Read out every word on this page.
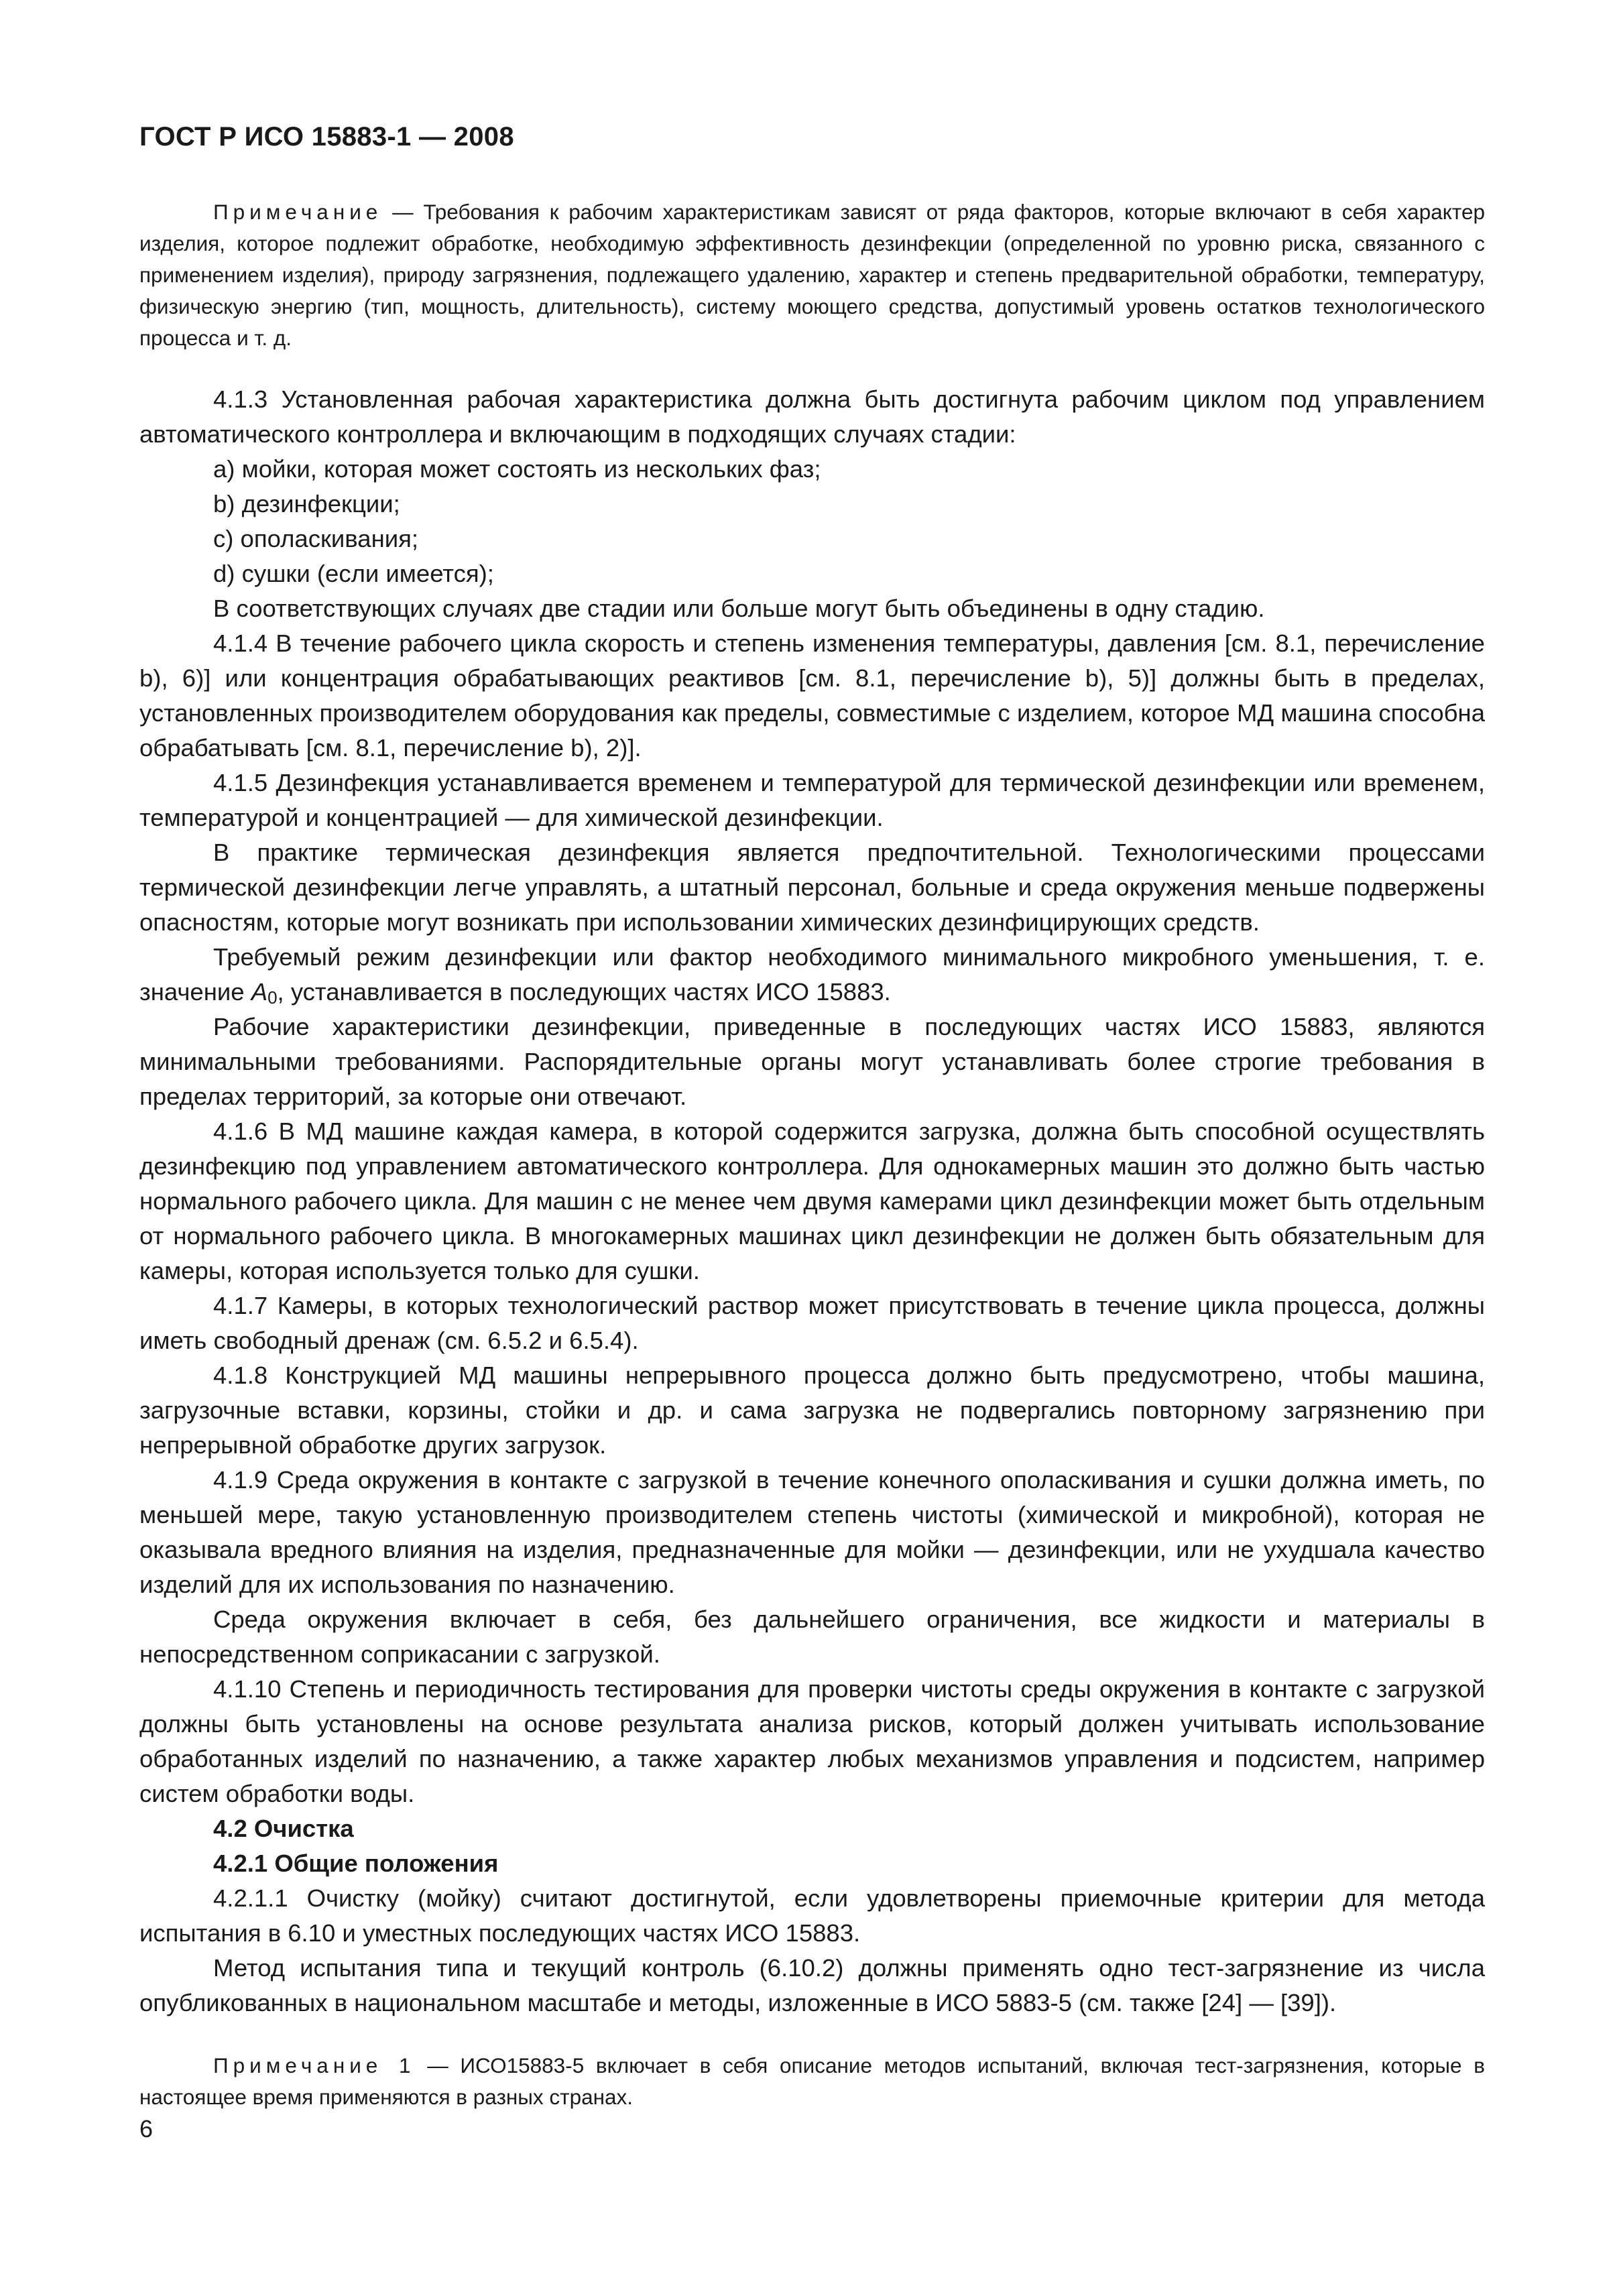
ГОСТ Р ИСО 15883-1 — 2008

Примечание — Требования к рабочим характеристикам зависят от ряда факторов, которые включают в себя характер изделия, которое подлежит обработке, необходимую эффективность дезинфекции (определенной по уровню риска, связанного с применением изделия), природу загрязнения, подлежащего удалению, характер и степень предварительной обработки, температуру, физическую энергию (тип, мощность, длительность), систему моющего средства, допустимый уровень остатков технологического процесса и т. д.

4.1.3 Установленная рабочая характеристика должна быть достигнута рабочим циклом под управлением автоматического контроллера и включающим в подходящих случаях стадии:

а) мойки, которая может состоять из нескольких фаз;

b) дезинфекции;

с) ополаскивания;

d) сушки (если имеется);

В соответствующих случаях две стадии или больше могут быть объединены в одну стадию.

4.1.4 В течение рабочего цикла скорость и степень изменения температуры, давления [см. 8.1, перечисление b), 6)] или концентрация обрабатывающих реактивов [см. 8.1, перечисление b), 5)] должны быть в пределах, установленных производителем оборудования как пределы, совместимые с изделием, которое МД машина способна обрабатывать [см. 8.1, перечисление b), 2)].

4.1.5 Дезинфекция устанавливается временем и температурой для термической дезинфекции или временем, температурой и концентрацией — для химической дезинфекции.

В практике термическая дезинфекция является предпочтительной. Технологическими процессами термической дезинфекции легче управлять, а штатный персонал, больные и среда окружения меньше подвержены опасностям, которые могут возникать при использовании химических дезинфицирующих средств.

Требуемый режим дезинфекции или фактор необходимого минимального микробного уменьшения, т. е. значение $A_0$, устанавливается в последующих частях ИСО 15883.

Рабочие характеристики дезинфекции, приведенные в последующих частях ИСО 15883, являются минимальными требованиями. Распорядительные органы могут устанавливать более строгие требования в пределах территорий, за которые они отвечают.

4.1.6 В МД машине каждая камера, в которой содержится загрузка, должна быть способной осуществлять дезинфекцию под управлением автоматического контроллера. Для однокамерных машин это должно быть частью нормального рабочего цикла. Для машин с не менее чем двумя камерами цикл дезинфекции может быть отдельным от нормального рабочего цикла. В многокамерных машинах цикл дезинфекции не должен быть обязательным для камеры, которая используется только для сушки.

4.1.7 Камеры, в которых технологический раствор может присутствовать в течение цикла процесса, должны иметь свободный дренаж (см. 6.5.2 и 6.5.4).

4.1.8 Конструкцией МД машины непрерывного процесса должно быть предусмотрено, чтобы машина, загрузочные вставки, корзины, стойки и др. и сама загрузка не подвергались повторному загрязнению при непрерывной обработке других загрузок.

4.1.9 Среда окружения в контакте с загрузкой в течение конечного ополаскивания и сушки должна иметь, по меньшей мере, такую установленную производителем степень чистоты (химической и микробной), которая не оказывала вредного влияния на изделия, предназначенные для мойки — дезинфекции, или не ухудшала качество изделий для их использования по назначению.

Среда окружения включает в себя, без дальнейшего ограничения, все жидкости и материалы в непосредственном соприкасании с загрузкой.

4.1.10 Степень и периодичность тестирования для проверки чистоты среды окружения в контакте с загрузкой должны быть установлены на основе результата анализа рисков, который должен учитывать использование обработанных изделий по назначению, а также характер любых механизмов управления и подсистем, например систем обработки воды.

4.2 Очистка

4.2.1 Общие положения

4.2.1.1 Очистку (мойку) считают достигнутой, если удовлетворены приемочные критерии для метода испытания в 6.10 и уместных последующих частях ИСО 15883.

Метод испытания типа и текущий контроль (6.10.2) должны применять одно тест-загрязнение из числа опубликованных в национальном масштабе и методы, изложенные в ИСО 5883-5 (см. также [24] — [39]).

Примечание 1 — ИСО15883-5 включает в себя описание методов испытаний, включая тест-загрязнения, которые в настоящее время применяются в разных странах.

6
